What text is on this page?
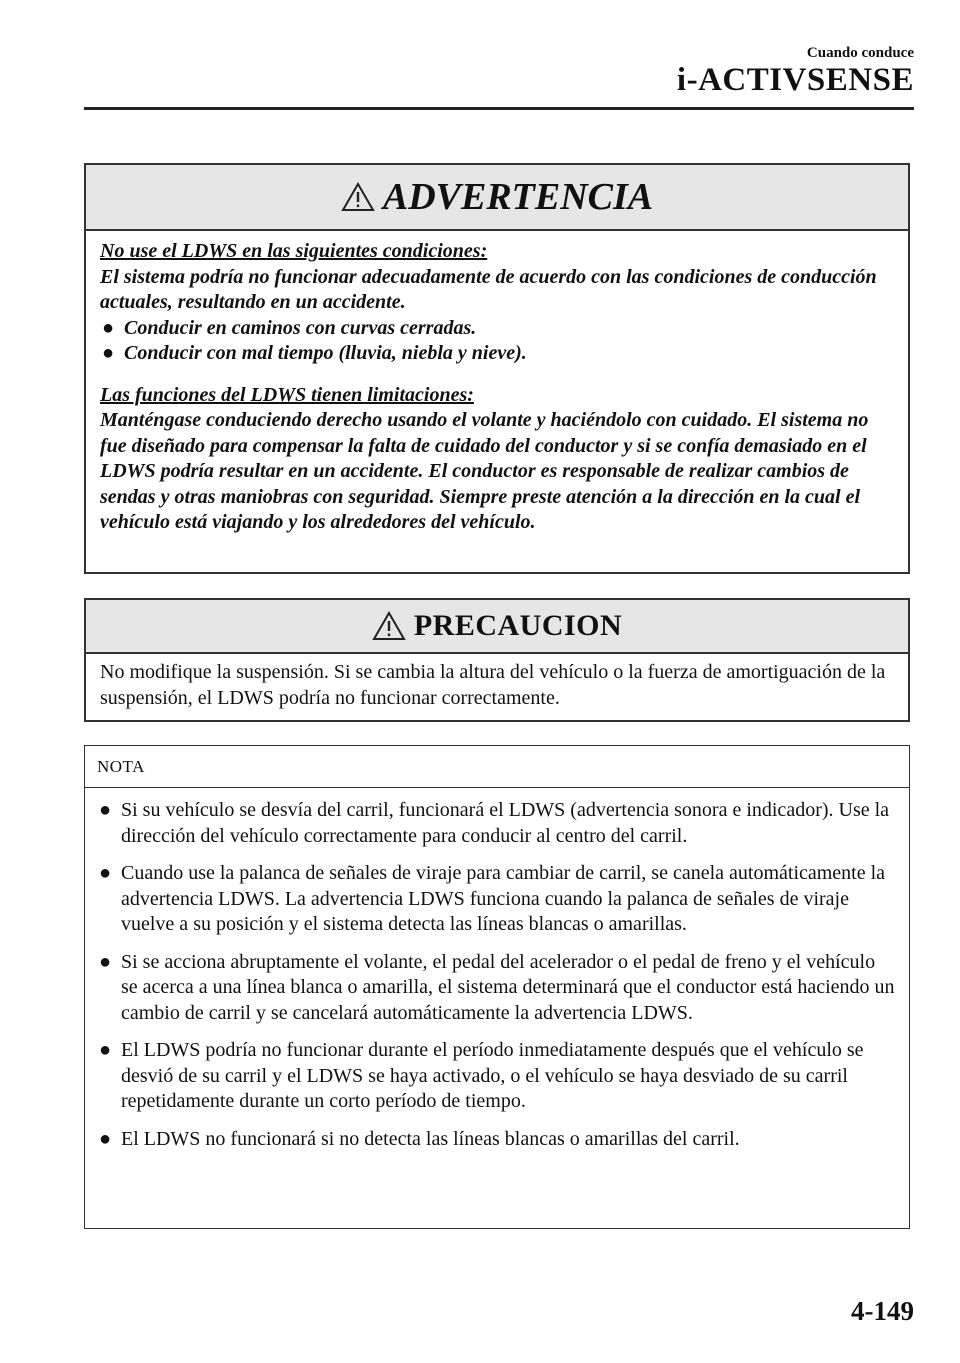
Cuando conduce
i-ACTIVSENSE
ADVERTENCIA
No use el LDWS en las siguientes condiciones:
El sistema podría no funcionar adecuadamente de acuerdo con las condiciones de conducción actuales, resultando en un accidente.
● Conducir en caminos con curvas cerradas.
● Conducir con mal tiempo (lluvia, niebla y nieve).
Las funciones del LDWS tienen limitaciones:
Manténgase conduciendo derecho usando el volante y haciéndolo con cuidado. El sistema no fue diseñado para compensar la falta de cuidado del conductor y si se confía demasiado en el LDWS podría resultar en un accidente. El conductor es responsable de realizar cambios de sendas y otras maniobras con seguridad. Siempre preste atención a la dirección en la cual el vehículo está viajando y los alrededores del vehículo.
PRECAUCION
No modifique la suspensión. Si se cambia la altura del vehículo o la fuerza de amortiguación de la suspensión, el LDWS podría no funcionar correctamente.
NOTA
● Si su vehículo se desvía del carril, funcionará el LDWS (advertencia sonora e indicador). Use la dirección del vehículo correctamente para conducir al centro del carril.
● Cuando use la palanca de señales de viraje para cambiar de carril, se canela automáticamente la advertencia LDWS. La advertencia LDWS funciona cuando la palanca de señales de viraje vuelve a su posición y el sistema detecta las líneas blancas o amarillas.
● Si se acciona abruptamente el volante, el pedal del acelerador o el pedal de freno y el vehículo se acerca a una línea blanca o amarilla, el sistema determinará que el conductor está haciendo un cambio de carril y se cancelará automáticamente la advertencia LDWS.
● El LDWS podría no funcionar durante el período inmediatamente después que el vehículo se desvió de su carril y el LDWS se haya activado, o el vehículo se haya desviado de su carril repetidamente durante un corto período de tiempo.
● El LDWS no funcionará si no detecta las líneas blancas o amarillas del carril.
4-149
